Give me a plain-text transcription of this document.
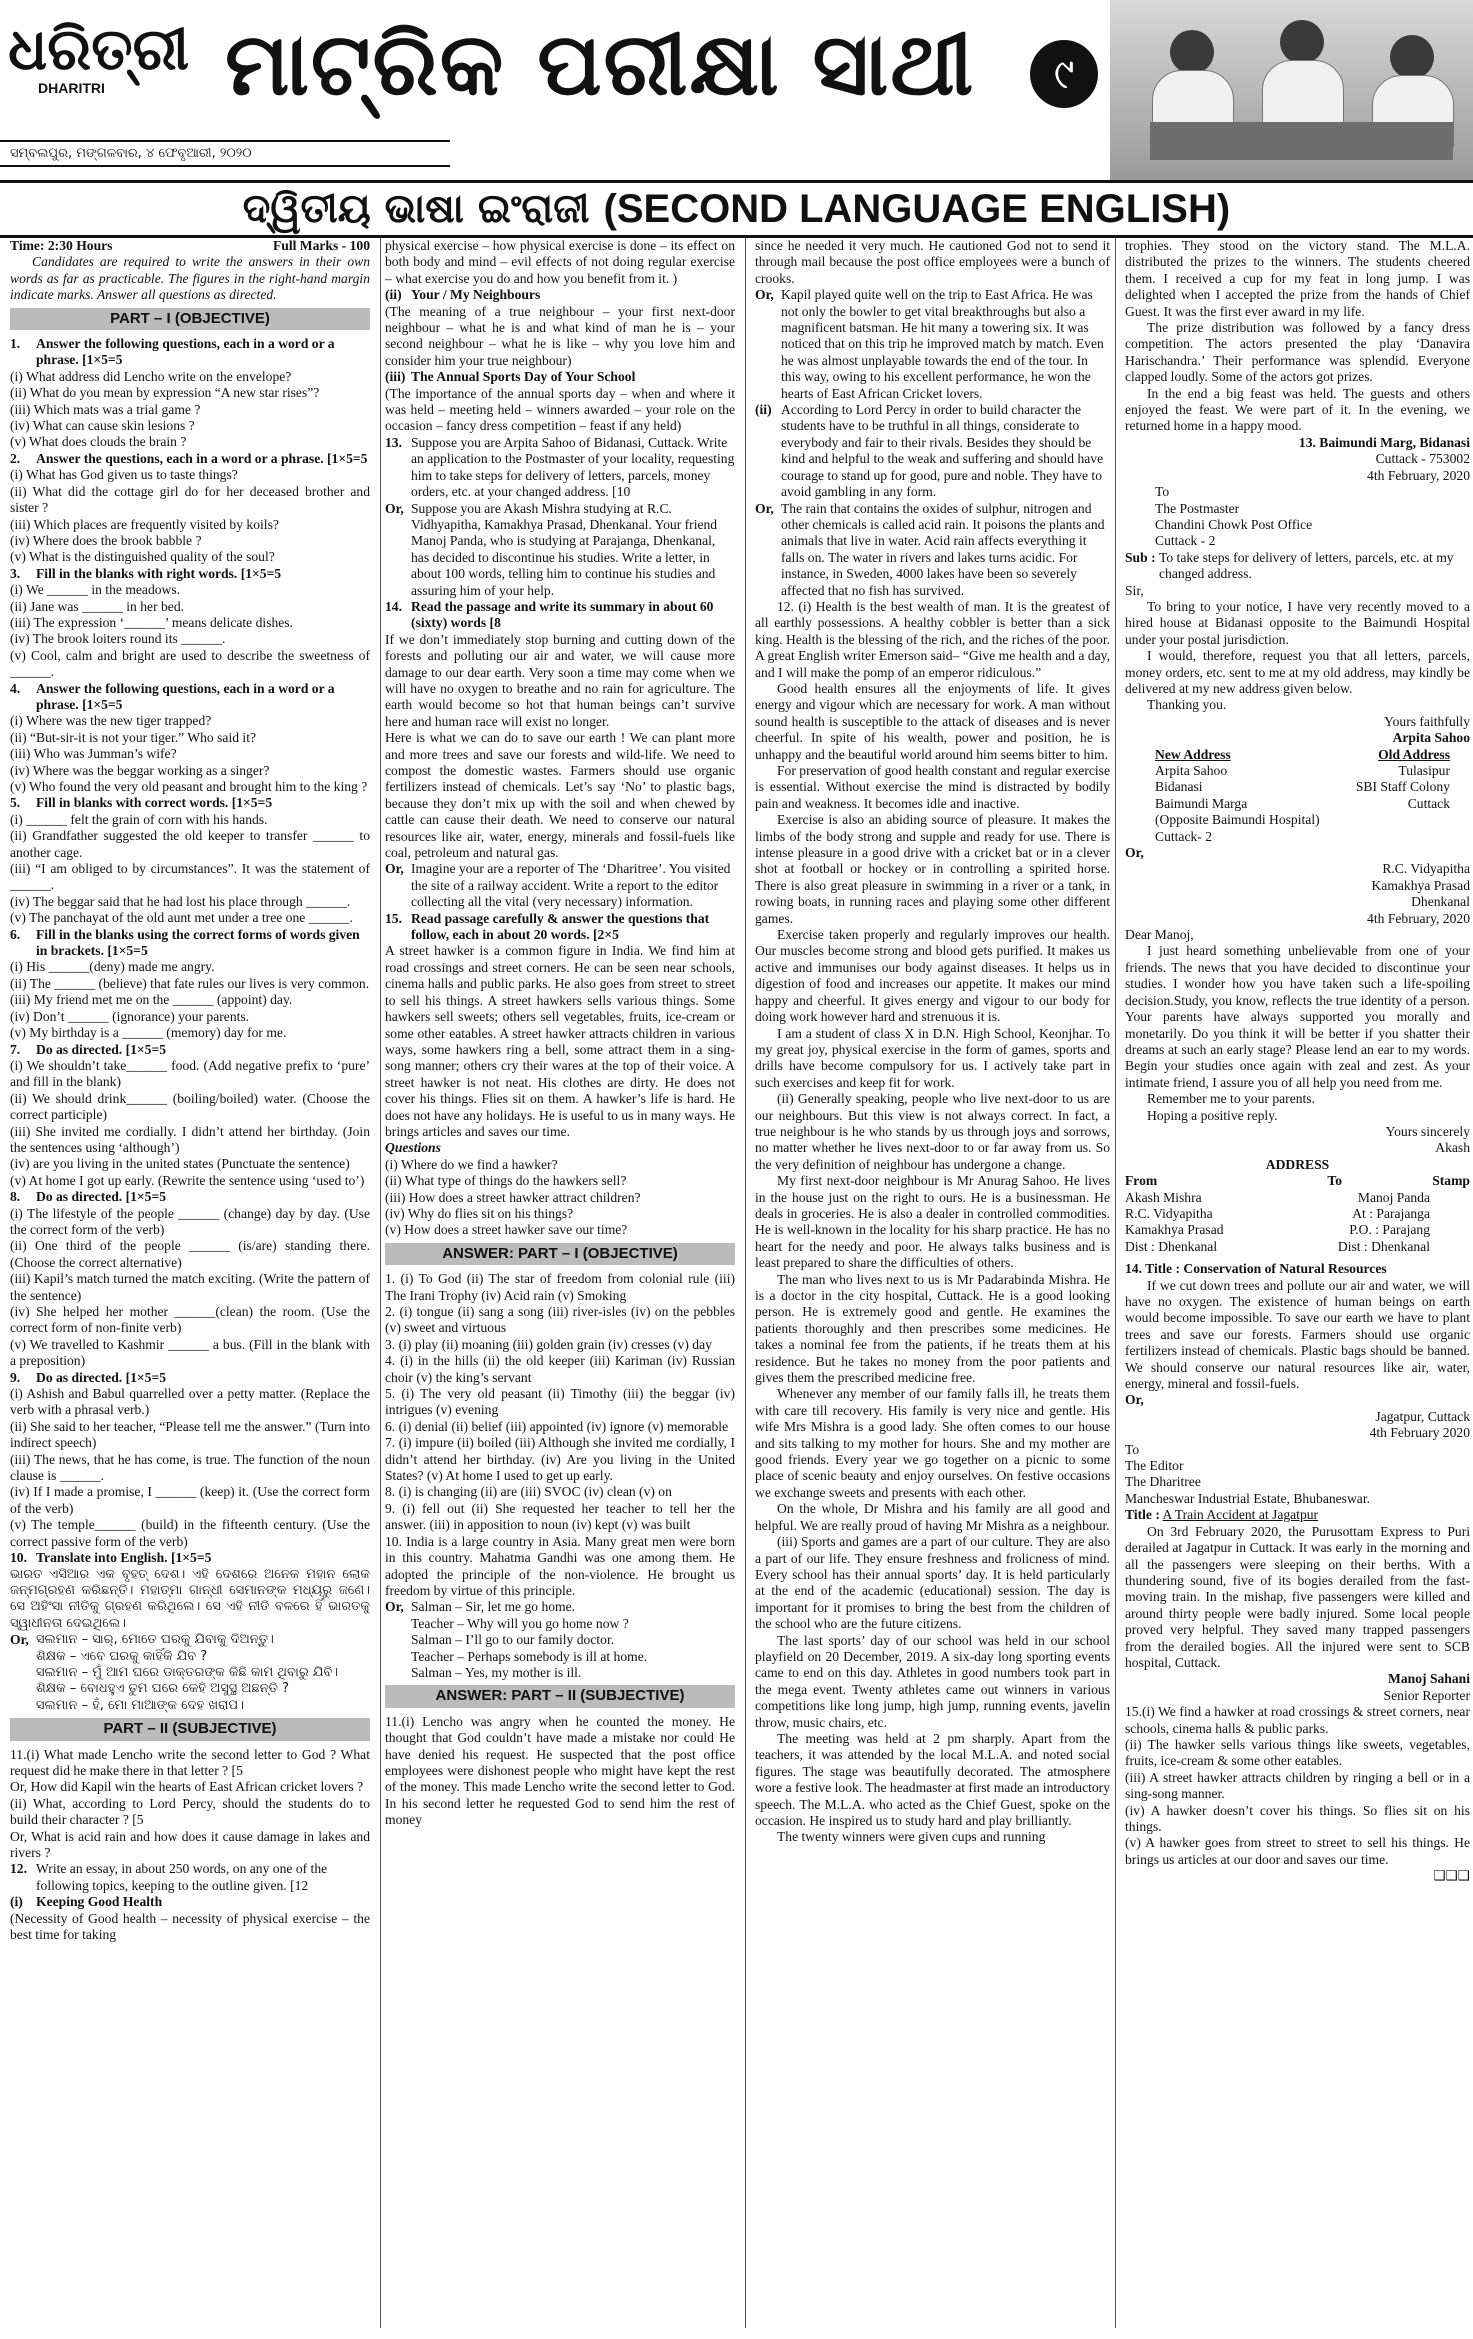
ଧରିତ୍ରୀ
DHARITRI	ମାଟ୍ରିକ ପରୀକ୍ଷା ସାଥୀ	୯
ସମ୍ବଲପୁର, ମଙ୍ଗଳବାର, ୪ ଫେବୃଆରୀ, ୨୦୨୦
ଦ୍ୱିତୀୟ ଭାଷା ଇଂରାଜୀ (SECOND LANGUAGE ENGLISH)
Time: 2:30 Hours	Full Marks - 100

Candidates are required to write the answers in their own words as far as practicable. The figures in the right-hand margin indicate marks. Answer all questions as directed.

PART – I (OBJECTIVE)
1.	Answer the following questions, each in a word or a phrase. [1×5=5
(i) What address did Lencho write on the envelope?
(ii) What do you mean by expression “A new star rises”?
(iii) Which mats was a trial game ?
(iv) What can cause skin lesions ?
(v) What does clouds the brain ?
2.	Answer the questions, each in a word or a phrase. [1×5=5
(i) What has God given us to taste things?
(ii) What did the cottage girl do for her deceased brother and sister ?
(iii) Which places are frequently visited by koils?
(iv) Where does the brook babble ?
(v) What is the distinguished quality of the soul?
3.	Fill in the blanks with right words. [1×5=5
(i) We ______ in the meadows.
(ii) Jane was ______ in her bed.
(iii) The expression ‘______’ means delicate dishes.
(iv) The brook loiters round its ______.
(v) Cool, calm and bright are used to describe the sweetness of ______.
4.	Answer the following questions, each in a word or a phrase. [1×5=5
(i) Where was the new tiger trapped?
(ii) “But-sir-it is not your tiger.” Who said it?
(iii) Who was Jumman’s wife?
(iv) Where was the beggar working as a singer?
(v) Who found the very old peasant and brought him to the king ?
5.	Fill in blanks with correct words. [1×5=5
(i) ______ felt the grain of corn with his hands.
(ii) Grandfather suggested the old keeper to transfer ______ to another cage.
(iii) “I am obliged to by circumstances”. It was the statement of ______.
(iv) The beggar said that he had lost his place through ______.
(v) The panchayat of the old aunt met under a tree one ______.
6.	Fill in the blanks using the correct forms of words given in brackets. [1×5=5
(i) His ______(deny) made me angry.
(ii) The ______ (believe) that fate rules our lives is very common.
(iii) My friend met me on the ______ (appoint) day.
(iv) Don’t ______ (ignorance) your parents.
(v) My birthday is a ______ (memory) day for me.
7.	Do as directed. [1×5=5
(i) We shouldn’t take______ food. (Add negative prefix to ‘pure’ and fill in the blank)
(ii) We should drink______ (boiling/boiled) water. (Choose the correct participle)
(iii) She invited me cordially. I didn’t attend her birthday. (Join the sentences using ‘although’)
(iv) are you living in the united states (Punctuate the sentence)
(v) At home I got up early. (Rewrite the sentence using ‘used to’)
8.	Do as directed. [1×5=5
(i) The lifestyle of the people ______ (change) day by day. (Use the correct form of the verb)
(ii) One third of the people ______ (is/are) standing there. (Choose the correct alternative)
(iii) Kapil’s match turned the match exciting. (Write the pattern of the sentence)
(iv) She helped her mother ______(clean) the room. (Use the correct form of non-finite verb)
(v) We travelled to Kashmir ______ a bus. (Fill in the blank with a preposition)
9.	Do as directed. [1×5=5
(i) Ashish and Babul quarrelled over a petty matter. (Replace the verb with a phrasal verb.)
(ii) She said to her teacher, “Please tell me the answer.” (Turn into indirect speech)
(iii) The news, that he has come, is true. The function of the noun clause is ______.
(iv) If I made a promise, I ______ (keep) it. (Use the correct form of the verb)
(v) The temple______ (build) in the fifteenth century. (Use the correct passive form of the verb)
10. Translate into English. [1×5=5

ଭାରତ ଏସିଆର ଏକ ବୃହତ୍ ଦେଶ। ଏହି ଦେଶରେ ଅନେକ ମହାନ ଲୋକ ଜନ୍ମଗ୍ରହଣ କରିଛନ୍ତି। ମହାତ୍ମା ଗାନ୍ଧୀ ସେମାନଙ୍କ ମଧ୍ୟରୁ ଜଣେ। ସେ ଅହିଂସା ନୀତିକୁ ଗ୍ରହଣ କରିଥିଲେ। ସେ ଏହି ନୀତି ବଳରେ ହିଁ ଭାରତକୁ ସ୍ୱାଧୀନତା ଦେଇଥିଲେ।

Or, ସଲମାନ – ସାର୍, ମୋତେ ଘରକୁ ଯିବାକୁ ଦିଅନ୍ତୁ।
ଶିକ୍ଷକ – ଏବେ ଘରକୁ କାହିଁକି ଯିବ ?
ସଲମାନ – ମୁଁ ଆମ ଘରେ ଡାକ୍ତରଙ୍କ କିଛି କାମ ଥିବାରୁ ଯିବି।
ଶିକ୍ଷକ – ବୋଧହୁଏ ତୁମ ଘରେ କେହି ଅସୁସ୍ଥ ଅଛନ୍ତି ?
ସଲମାନ – ହଁ, ମୋ ମାଆଙ୍କ ଦେହ ଖରାପ।
PART – II (SUBJECTIVE)
11.(i) What made Lencho write the second letter to God ? What request did he make there in that letter ? [5
Or, How did Kapil win the hearts of East African cricket lovers ?
(ii) What, according to Lord Percy, should the students do to build their character ? [5
Or, What is acid rain and how does it cause damage in lakes and rivers ?
12. Write an essay, in about 250 words, on any one of the following topics, keeping to the outline given. [12
(i) Keeping Good Health

(Necessity of Good health – necessity of physical exercise – the best time for taking

physical exercise – how physical exercise is done – its effect on both body and mind – evil effects of not doing regular exercise – what exercise you do and how you benefit from it. )

(ii) Your / My Neighbours

(The meaning of a true neighbour – your first next-door neighbour – what he is and what kind of man he is – your second neighbour – what he is like – why you love him and consider him your true neighbour)

(iii) The Annual Sports Day of Your School

(The importance of the annual sports day – when and where it was held – meeting held – winners awarded – your role on the occasion – fancy dress competition – feast if any held)

13. Suppose you are Arpita Sahoo of Bidanasi, Cuttack. Write an application to the Postmaster of your locality, requesting him to take steps for delivery of letters, parcels, money orders, etc. at your changed address. [10
Or, Suppose you are Akash Mishra studying at R.C. Vidhyapitha, Kamakhya Prasad, Dhenkanal. Your friend Manoj Panda, who is studying at Parajanga, Dhenkanal, has decided to discontinue his studies. Write a letter, in about 100 words, telling him to continue his studies and assuring him of your help.
14. Read the passage and write its summary in about 60 (sixty) words [8

If we don’t immediately stop burning and cutting down of the forests and polluting our air and water, we will cause more damage to our dear earth. Very soon a time may come when we will have no oxygen to breathe and no rain for agriculture. The earth would become so hot that human beings can’t survive here and human race will exist no longer.

Here is what we can do to save our earth ! We can plant more and more trees and save our forests and wild-life. We need to compost the domestic wastes. Farmers should use organic fertilizers instead of chemicals. Let’s say ‘No’ to plastic bags, because they don’t mix up with the soil and when chewed by cattle can cause their death. We need to conserve our natural resources like air, water, energy, minerals and fossil-fuels like coal, petroleum and natural gas.

Or, Imagine your are a reporter of The ‘Dharitree’. You visited the site of a railway accident. Write a report to the editor collecting all the vital (very necessary) information.
15. Read passage carefully & answer the questions that follow, each in about 20 words. [2×5

A street hawker is a common figure in India. We find him at road crossings and street corners. He can be seen near schools, cinema halls and public parks. He also goes from street to street to sell his things. A street hawkers sells various things. Some hawkers sell sweets; others sell vegetables, fruits, ice-cream or some other eatables. A street hawker attracts children in various ways, some hawkers ring a bell, some attract them in a sing-song manner; others cry their wares at the top of their voice. A street hawker is not neat. His clothes are dirty. He does not cover his things. Flies sit on them. A hawker’s life is hard. He does not have any holidays. He is useful to us in many ways. He brings articles and saves our time.

Questions
(i) Where do we find a hawker?
(ii) What type of things do the hawkers sell?
(iii) How does a street hawker attract children?
(iv) Why do flies sit on his things?
(v) How does a street hawker save our time?
ANSWER: PART – I (OBJECTIVE)
1. (i) To God (ii) The star of freedom from colonial rule (iii) The Irani Trophy (iv) Acid rain (v) Smoking
2. (i) tongue (ii) sang a song (iii) river-isles (iv) on the pebbles (v) sweet and virtuous
3. (i) play (ii) moaning (iii) golden grain (iv) cresses (v) day
4. (i) in the hills (ii) the old keeper (iii) Kariman (iv) Russian choir (v) the king’s servant
5. (i) The very old peasant (ii) Timothy (iii) the beggar (iv) intrigues (v) evening
6. (i) denial (ii) belief (iii) appointed (iv) ignore (v) memorable
7. (i) impure (ii) boiled (iii) Although she invited me cordially, I didn’t attend her birthday. (iv) Are you living in the United States? (v) At home I used to get up early.
8. (i) is changing (ii) are (iii) SVOC (iv) clean (v) on
9. (i) fell out (ii) She requested her teacher to tell her the answer. (iii) in apposition to noun (iv) kept (v) was built
10. India is a large country in Asia. Many great men were born in this country. Mahatma Gandhi was one among them. He adopted the principle of the non-violence. He brought us freedom by virtue of this principle.
Or, Salman – Sir, let me go home.
Teacher – Why will you go home now ?
Salman – I’ll go to our family doctor.
Teacher – Perhaps somebody is ill at home.
Salman – Yes, my mother is ill.
ANSWER: PART – II (SUBJECTIVE)

11.(i) Lencho was angry when he counted the money. He thought that God couldn’t have made a mistake nor could He have denied his request. He suspected that the post office employees were dishonest people who might have kept the rest of the money. This made Lencho write the second letter to God. In his second letter he requested God to send him the rest of money

since he needed it very much. He cautioned God not to send it through mail because the post office employees were a bunch of crooks.

Or, Kapil played quite well on the trip to East Africa. He was not only the bowler to get vital breakthroughs but also a magnificent batsman. He hit many a towering six. It was noticed that on this trip he improved match by match. Even he was almost unplayable towards the end of the tour. In this way, owing to his excellent performance, he won the hearts of East African Cricket lovers.
(ii) According to Lord Percy in order to build character the students have to be truthful in all things, considerate to everybody and fair to their rivals. Besides they should be kind and helpful to the weak and suffering and should have courage to stand up for good, pure and noble. They have to avoid gambling in any form.
Or, The rain that contains the oxides of sulphur, nitrogen and other chemicals is called acid rain. It poisons the plants and animals that live in water. Acid rain affects everything it falls on. The water in rivers and lakes turns acidic. For instance, in Sweden, 4000 lakes have been so severely affected that no fish has survived.

12. (i) Health is the best wealth of man. It is the greatest of all earthly possessions. A healthy cobbler is better than a sick king. Health is the blessing of the rich, and the riches of the poor. A great English writer Emerson said– “Give me health and a day, and I will make the pomp of an emperor ridiculous.”

Good health ensures all the enjoyments of life. It gives energy and vigour which are necessary for work. A man without sound health is susceptible to the attack of diseases and is never cheerful. In spite of his wealth, power and position, he is unhappy and the beautiful world around him seems bitter to him.

For preservation of good health constant and regular exercise is essential. Without exercise the mind is distracted by bodily pain and weakness. It becomes idle and inactive.

Exercise is also an abiding source of pleasure. It makes the limbs of the body strong and supple and ready for use. There is intense pleasure in a good drive with a cricket bat or in a clever shot at football or hockey or in controlling a spirited horse. There is also great pleasure in swimming in a river or a tank, in rowing boats, in running races and playing some other different games.

Exercise taken properly and regularly improves our health. Our muscles become strong and blood gets purified. It makes us active and immunises our body against diseases. It helps us in digestion of food and increases our appetite. It makes our mind happy and cheerful. It gives energy and vigour to our body for doing work however hard and strenuous it is.

I am a student of class X in D.N. High School, Keonjhar. To my great joy, physical exercise in the form of games, sports and drills have become compulsory for us. I actively take part in such exercises and keep fit for work.

(ii) Generally speaking, people who live next-door to us are our neighbours. But this view is not always correct. In fact, a true neighbour is he who stands by us through joys and sorrows, no matter whether he lives next-door to or far away from us. So the very definition of neighbour has undergone a change.

My first next-door neighbour is Mr Anurag Sahoo. He lives in the house just on the right to ours. He is a businessman. He deals in groceries. He is also a dealer in controlled commodities. He is well-known in the locality for his sharp practice. He has no heart for the needy and poor. He always talks business and is least prepared to share the difficulties of others.

The man who lives next to us is Mr Padarabinda Mishra. He is a doctor in the city hospital, Cuttack. He is a good looking person. He is extremely good and gentle. He examines the patients thoroughly and then prescribes some medicines. He takes a nominal fee from the patients, if he treats them at his residence. But he takes no money from the poor patients and gives them the prescribed medicine free.

Whenever any member of our family falls ill, he treats them with care till recovery. His family is very nice and gentle. His wife Mrs Mishra is a good lady. She often comes to our house and sits talking to my mother for hours. She and my mother are good friends. Every year we go together on a picnic to some place of scenic beauty and enjoy ourselves. On festive occasions we exchange sweets and presents with each other.

On the whole, Dr Mishra and his family are all good and helpful. We are really proud of having Mr Mishra as a neighbour.

(iii) Sports and games are a part of our culture. They are also a part of our life. They ensure freshness and frolicness of mind. Every school has their annual sports’ day. It is held particularly at the end of the academic (educational) session. The day is important for it promises to bring the best from the children of the school who are the future citizens.

The last sports’ day of our school was held in our school playfield on 20 December, 2019. A six-day long sporting events came to end on this day. Athletes in good numbers took part in the mega event. Twenty athletes came out winners in various competitions like long jump, high jump, running events, javelin throw, music chairs, etc.

The meeting was held at 2 pm sharply. Apart from the teachers, it was attended by the local M.L.A. and noted social figures. The stage was beautifully decorated. The atmosphere wore a festive look. The headmaster at first made an introductory speech. The M.L.A. who acted as the Chief Guest, spoke on the occasion. He inspired us to study hard and play brilliantly.

The twenty winners were given cups and running

trophies. They stood on the victory stand. The M.L.A. distributed the prizes to the winners. The students cheered them. I received a cup for my feat in long jump. I was delighted when I accepted the prize from the hands of Chief Guest. It was the first ever award in my life.

The prize distribution was followed by a fancy dress competition. The actors presented the play ‘Danavira Harischandra.’ Their performance was splendid. Everyone clapped loudly. Some of the actors got prizes.

In the end a big feast was held. The guests and others enjoyed the feast. We were part of it. In the evening, we returned home in a happy mood.

13. Baimundi Marg, Bidanasi

Cuttack - 753002

4th February, 2020

To
The Postmaster
Chandini Chowk Post Office
Cuttack - 2
Sub : To take steps for delivery of letters, parcels, etc. at my changed address.

Sir,

To bring to your notice, I have very recently moved to a hired house at Bidanasi opposite to the Baimundi Hospital under your postal jurisdiction.

I would, therefore, request you that all letters, parcels, money orders, etc. sent to me at my old address, may kindly be delivered at my new address given below.

Thanking you.

Yours faithfully

Arpita Sahoo

New Address	Old Address
Arpita Sahoo	Tulasipur
Bidanasi	SBI Staff Colony
Baimundi Marga	Cuttack
(Opposite Baimundi Hospital)
Cuttack- 2

Or,

R.C. Vidyapitha
Kamakhya Prasad
Dhenkanal
4th February, 2020

Dear Manoj,

I just heard something unbelievable from one of your friends. The news that you have decided to discontinue your studies. I wonder how you have taken such a life-spoiling decision.Study, you know, reflects the true identity of a person. Your parents have always supported you morally and monetarily. Do you think it will be better if you shatter their dreams at such an early stage? Please lend an ear to my words. Begin your studies once again with zeal and zest. As your intimate friend, I assure you of all help you need from me.

Remember me to your parents.

Hoping a positive reply.

Yours sincerely

Akash

ADDRESS

From	To	Stamp
Akash Mishra	Manoj Panda
R.C. Vidyapitha	At : Parajanga
Kamakhya Prasad	P.O. : Parajang
Dist : Dhenkanal	Dist : Dhenkanal

14. Title : Conservation of Natural Resources

If we cut down trees and pollute our air and water, we will have no oxygen. The existence of human beings on earth would become impossible. To save our earth we have to plant trees and save our forests. Farmers should use organic fertilizers instead of chemicals. Plastic bags should be banned. We should conserve our natural resources like air, water, energy, mineral and fossil-fuels.

Or,

Jagatpur, Cuttack

4th February 2020

To
The Editor
The Dharitree
Mancheswar Industrial Estate, Bhubaneswar.

Title : A Train Accident at Jagatpur

On 3rd February 2020, the Purusottam Express to Puri derailed at Jagatpur in Cuttack. It was early in the morning and all the passengers were sleeping on their berths. With a thundering sound, five of its bogies derailed from the fast-moving train. In the mishap, five passengers were killed and around thirty people were badly injured. Some local people proved very helpful. They saved many trapped passengers from the derailed bogies. All the injured were sent to SCB hospital, Cuttack.

Manoj Sahani

Senior Reporter

15.(i) We find a hawker at road crossings & street corners, near schools, cinema halls & public parks.
(ii) The hawker sells various things like sweets, vegetables, fruits, ice-cream & some other eatables.
(iii) A street hawker attracts children by ringing a bell or in a sing-song manner.
(iv) A hawker doesn’t cover his things. So flies sit on his things.
(v) A hawker goes from street to street to sell his things. He brings us articles at our door and saves our time.

❑❑❑
